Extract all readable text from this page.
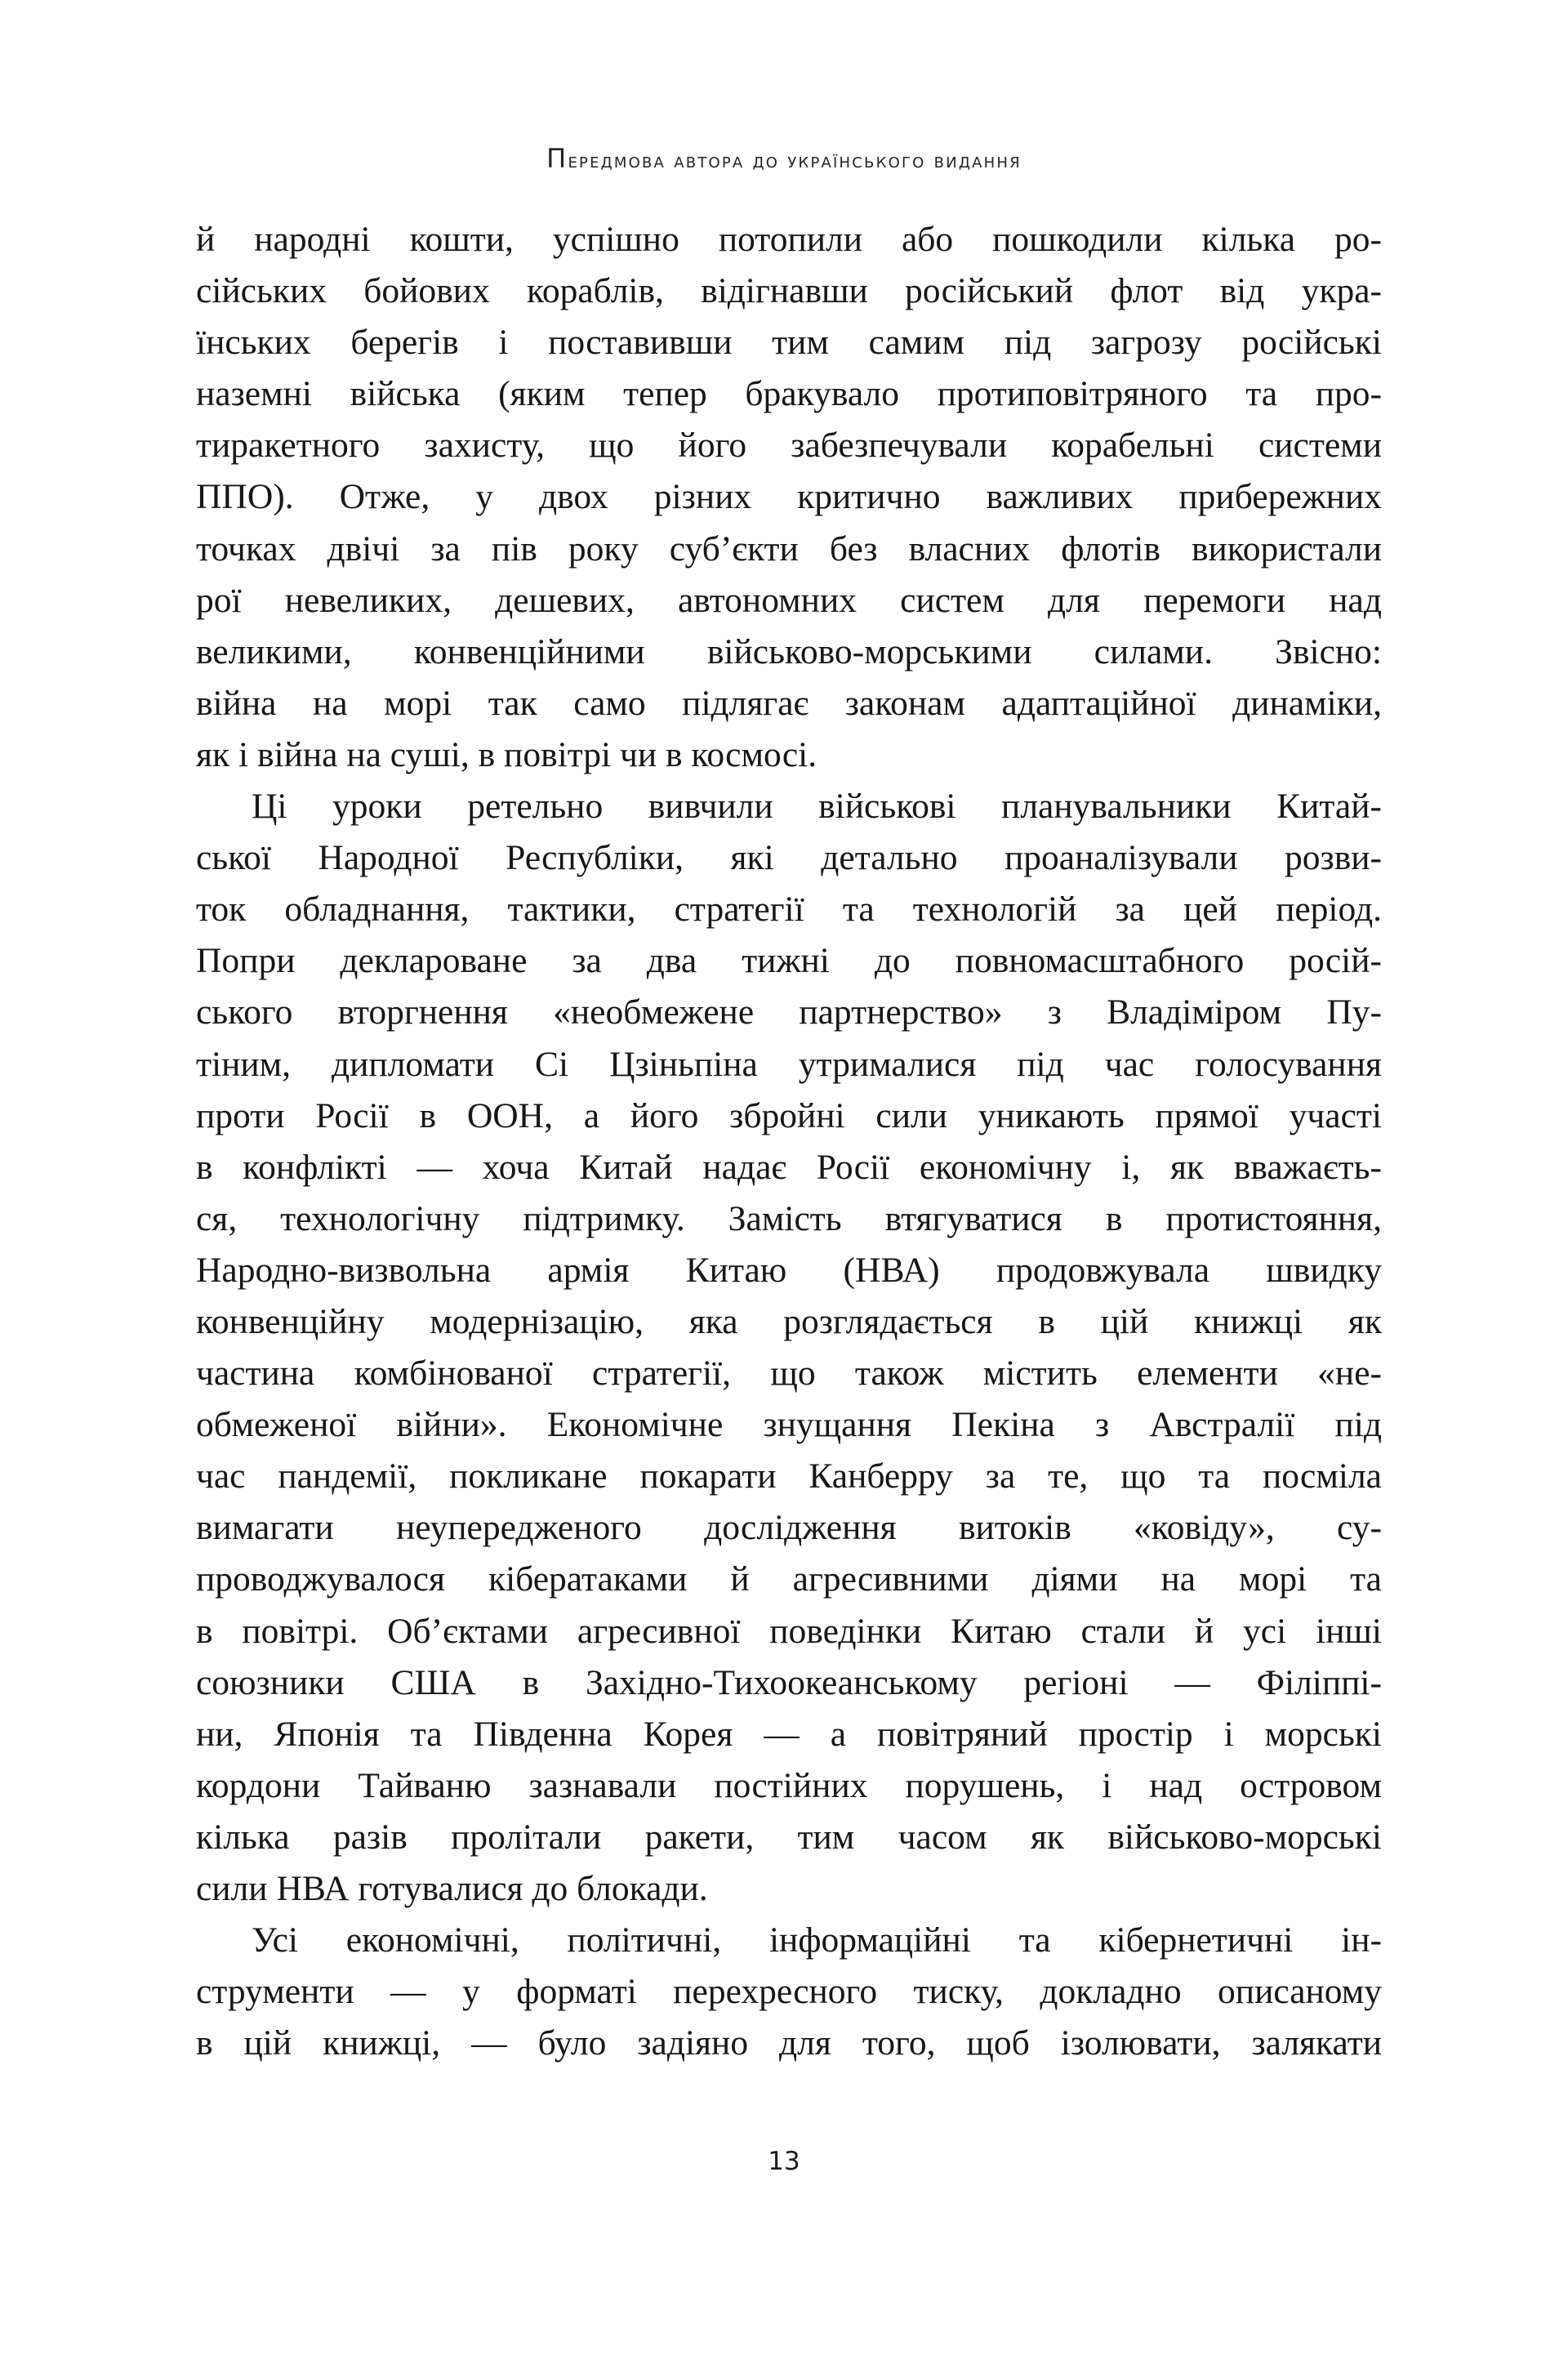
Передмова автора до українського видання
й народні кошти, успішно потопили або пошкодили кілька ро-
сійських бойових кораблів, відігнавши російський флот від укра-
їнських берегів і поставивши тим самим під загрозу російські
наземні війська (яким тепер бракувало протиповітряного та про-
тиракетного захисту, що його забезпечували корабельні системи
ППО). Отже, у двох різних критично важливих прибережних
точках двічі за пів року суб’єкти без власних флотів використали
рої невеликих, дешевих, автономних систем для перемоги над
великими, конвенційними військово-морськими силами. Звісно:
війна на морі так само підлягає законам адаптаційної динаміки,
як і війна на суші, в повітрі чи в космосі.
Ці уроки ретельно вивчили військові планувальники Китай-
ської Народної Республіки, які детально проаналізували розви-
ток обладнання, тактики, стратегії та технологій за цей період.
Попри деклароване за два тижні до повномасштабного росій-
ського вторгнення «необмежене партнерство» з Владіміром Пу-
тіним, дипломати Сі Цзіньпіна утрималися під час голосування
проти Росії в ООН, а його збройні сили уникають прямої участі
в конфлікті — хоча Китай надає Росії економічну і, як вважаєть-
ся, технологічну підтримку. Замість втягуватися в протистояння,
Народно-визвольна армія Китаю (НВА) продовжувала швидку
конвенційну модернізацію, яка розглядається в цій книжці як
частина комбінованої стратегії, що також містить елементи «не-
обмеженої війни». Економічне знущання Пекіна з Австралії під
час пандемії, покликане покарати Канберру за те, що та посміла
вимагати неупередженого дослідження витоків «ковіду», су-
проводжувалося кібератаками й агресивними діями на морі та
в повітрі. Об’єктами агресивної поведінки Китаю стали й усі інші
союзники США в Західно-Тихоокеанському регіоні — Філіппі-
ни, Японія та Південна Корея — а повітряний простір і морські
кордони Тайваню зазнавали постійних порушень, і над островом
кілька разів пролітали ракети, тим часом як військово-морські
сили НВА готувалися до блокади.
Усі економічні, політичні, інформаційні та кібернетичні ін-
струменти — у форматі перехресного тиску, докладно описаному
в цій книжці, — було задіяно для того, щоб ізолювати, залякати
13
